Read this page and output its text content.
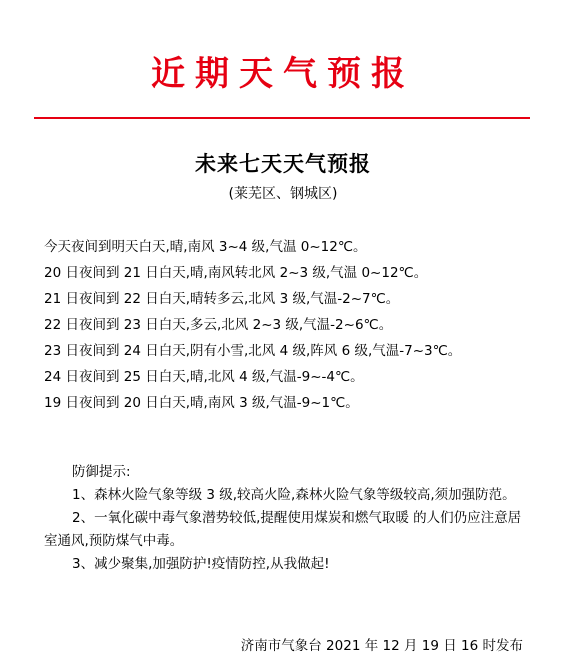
近期天气预报
未来七天天气预报
(莱芜区、钢城区)
今天夜间到明天白天,晴,南风 3~4 级,气温 0~12℃。
20 日夜间到 21 日白天,晴,南风转北风 2~3 级,气温 0~12℃。
21 日夜间到 22 日白天,晴转多云,北风 3 级,气温-2~7℃。
22 日夜间到 23 日白天,多云,北风 2~3 级,气温-2~6℃。
23 日夜间到 24 日白天,阴有小雪,北风 4 级,阵风 6 级,气温-7~3℃。
24 日夜间到 25 日白天,晴,北风 4 级,气温-9~-4℃。
19 日夜间到 20 日白天,晴,南风 3 级,气温-9~1℃。
防御提示:
1、森林火险气象等级 3 级,较高火险,森林火险气象等级较高,须加强防范。
2、一氧化碳中毒气象潜势较低,提醒使用煤炭和燃气取暖 的人们仍应注意居室通风,预防煤气中毒。
3、减少聚集,加强防护!疫情防控,从我做起!
济南市气象台 2021 年 12 月 19 日 16 时发布
